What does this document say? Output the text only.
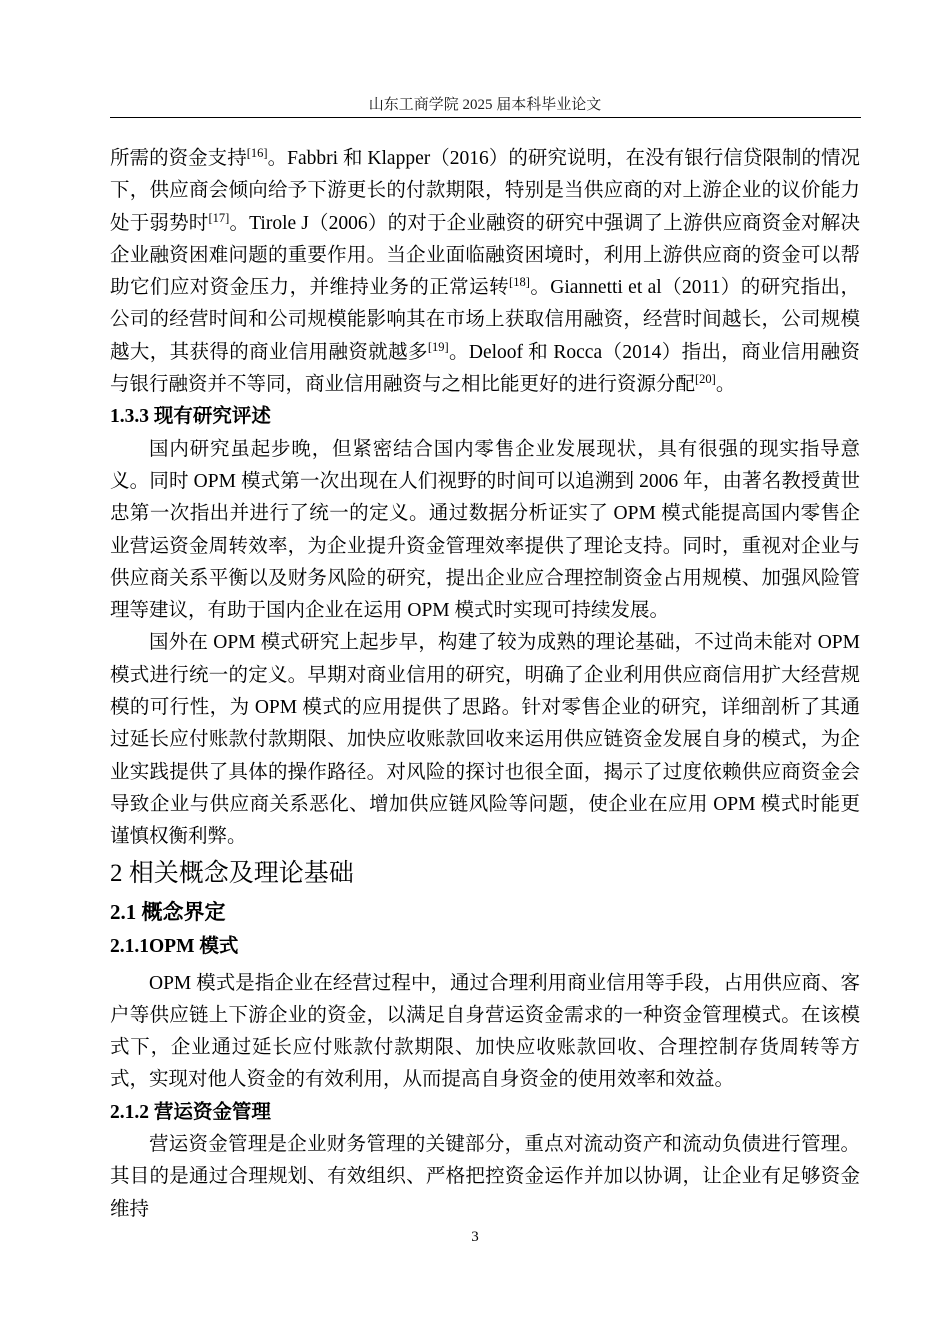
山东工商学院 2025 届本科毕业论文

所需的资金支持[16]。Fabbri 和 Klapper（2016）的研究说明，在没有银行信贷限制的情况下，供应商会倾向给予下游更长的付款期限，特别是当供应商的对上游企业的议价能力处于弱势时[17]。Tirole J（2006）的对于企业融资的研究中强调了上游供应商资金对解决企业融资困难问题的重要作用。当企业面临融资困境时，利用上游供应商的资金可以帮助它们应对资金压力，并维持业务的正常运转[18]。Giannetti et al（2011）的研究指出，公司的经营时间和公司规模能影响其在市场上获取信用融资，经营时间越长，公司规模越大，其获得的商业信用融资就越多[19]。Deloof 和 Rocca（2014）指出，商业信用融资与银行融资并不等同，商业信用融资与之相比能更好的进行资源分配[20]。

1.3.3 现有研究评述

国内研究虽起步晚，但紧密结合国内零售企业发展现状，具有很强的现实指导意义。同时 OPM 模式第一次出现在人们视野的时间可以追溯到 2006 年，由著名教授黄世忠第一次指出并进行了统一的定义。通过数据分析证实了 OPM 模式能提高国内零售企业营运资金周转效率，为企业提升资金管理效率提供了理论支持。同时，重视对企业与供应商关系平衡以及财务风险的研究，提出企业应合理控制资金占用规模、加强风险管理等建议，有助于国内企业在运用 OPM 模式时实现可持续发展。

国外在 OPM 模式研究上起步早，构建了较为成熟的理论基础，不过尚未能对 OPM 模式进行统一的定义。早期对商业信用的研究，明确了企业利用供应商信用扩大经营规模的可行性，为 OPM 模式的应用提供了思路。针对零售企业的研究，详细剖析了其通过延长应付账款付款期限、加快应收账款回收来运用供应链资金发展自身的模式，为企业实践提供了具体的操作路径。对风险的探讨也很全面，揭示了过度依赖供应商资金会导致企业与供应商关系恶化、增加供应链风险等问题，使企业在应用 OPM 模式时能更谨慎权衡利弊。

2 相关概念及理论基础

2.1 概念界定

2.1.1OPM 模式

OPM 模式是指企业在经营过程中，通过合理利用商业信用等手段，占用供应商、客户等供应链上下游企业的资金，以满足自身营运资金需求的一种资金管理模式。在该模式下，企业通过延长应付账款付款期限、加快应收账款回收、合理控制存货周转等方式，实现对他人资金的有效利用，从而提高自身资金的使用效率和效益。

2.1.2 营运资金管理

营运资金管理是企业财务管理的关键部分，重点对流动资产和流动负债进行管理。其目的是通过合理规划、有效组织、严格把控资金运作并加以协调，让企业有足够资金维持

3
